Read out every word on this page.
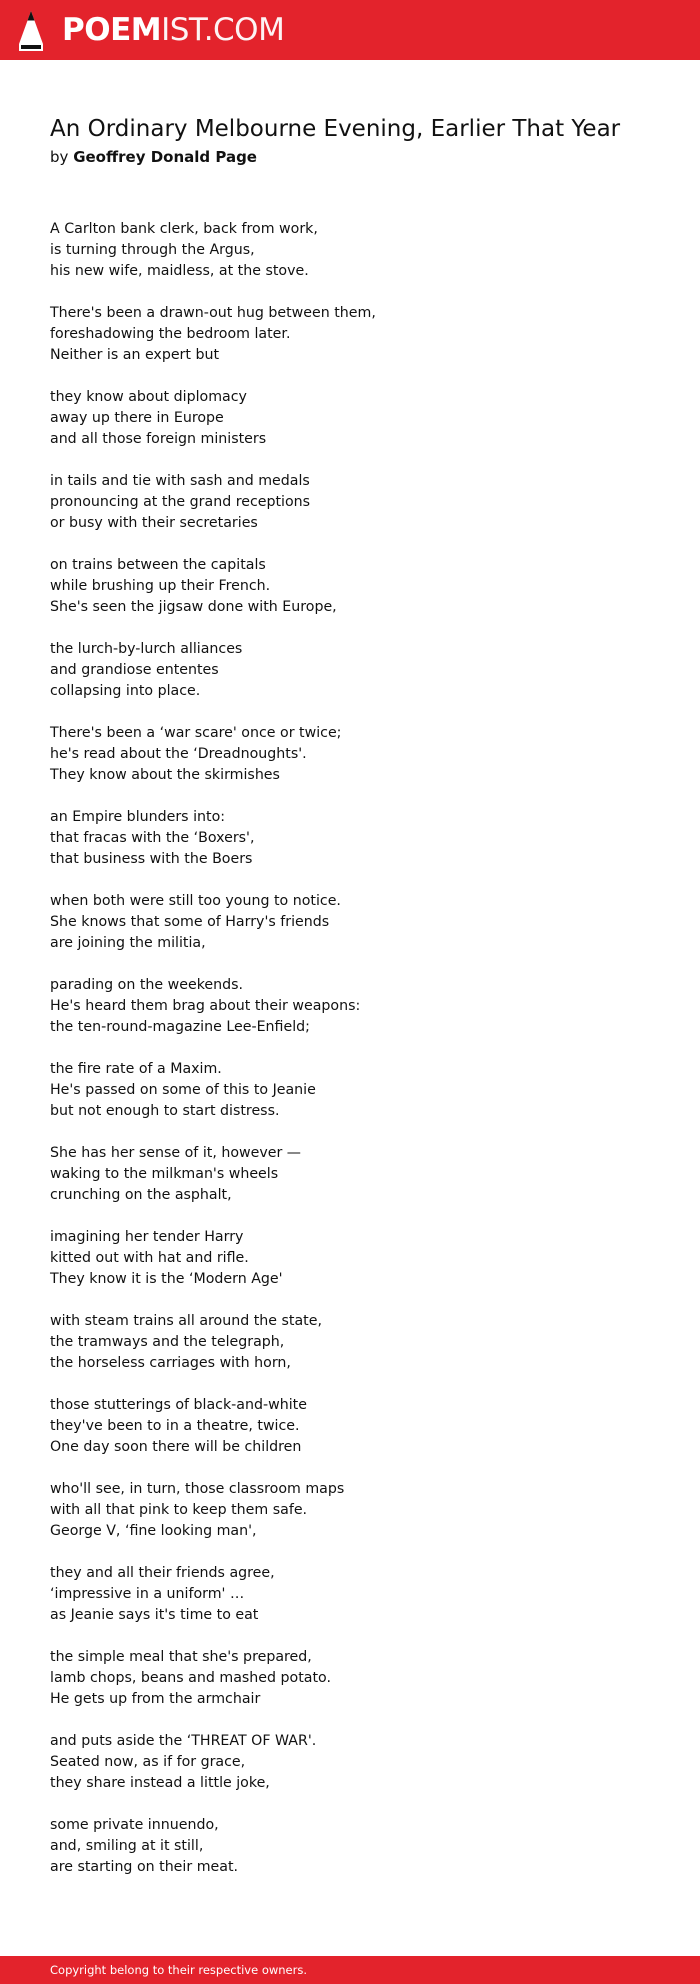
POEMIST.COM
An Ordinary Melbourne Evening, Earlier That Year

by Geoffrey Donald Page

A Carlton bank clerk, back from work,
is turning through the Argus,
his new wife, maidless, at the stove.
There's been a drawn-out hug between them,
foreshadowing the bedroom later.
Neither is an expert but
they know about diplomacy
away up there in Europe
and all those foreign ministers
in tails and tie with sash and medals
pronouncing at the grand receptions
or busy with their secretaries
on trains between the capitals
while brushing up their French.
She's seen the jigsaw done with Europe,
the lurch-by-lurch alliances
and grandiose ententes
collapsing into place.
There's been a ‘war scare' once or twice;
he's read about the ‘Dreadnoughts'.
They know about the skirmishes
an Empire blunders into:
that fracas with the ‘Boxers',
that business with the Boers
when both were still too young to notice.
She knows that some of Harry's friends
are joining the militia,
parading on the weekends.
He's heard them brag about their weapons:
the ten-round-magazine Lee-Enfield;
the fire rate of a Maxim.
He's passed on some of this to Jeanie
but not enough to start distress.
She has her sense of it, however —
waking to the milkman's wheels
crunching on the asphalt,
imagining her tender Harry
kitted out with hat and rifle.
They know it is the ‘Modern Age'
with steam trains all around the state,
the tramways and the telegraph,
the horseless carriages with horn,
those stutterings of black-and-white
they've been to in a theatre, twice.
One day soon there will be children
who'll see, in turn, those classroom maps
with all that pink to keep them safe.
George V, ‘fine looking man',
they and all their friends agree,
‘impressive in a uniform' …
as Jeanie says it's time to eat
the simple meal that she's prepared,
lamb chops, beans and mashed potato.
He gets up from the armchair
and puts aside the ‘THREAT OF WAR'.
Seated now, as if for grace,
they share instead a little joke,
some private innuendo,
and, smiling at it still,
are starting on their meat.
Copyright belong to their respective owners.
